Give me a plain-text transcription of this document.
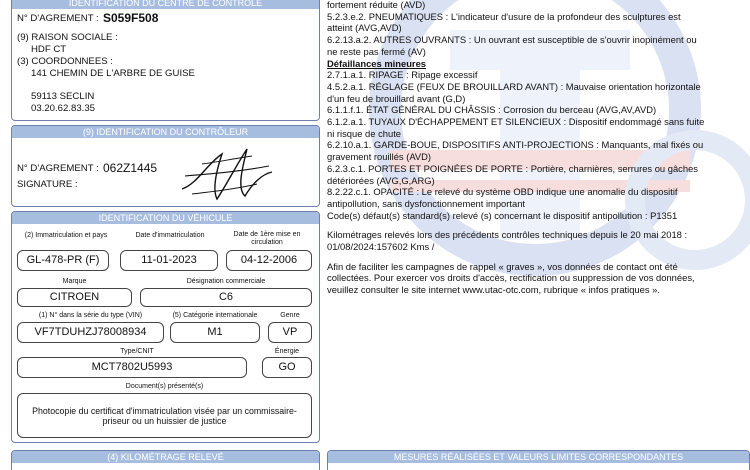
IDENTIFICATION DU CENTRE DE CONTROLE
N° D'AGREMENT : S059F508
(9) RAISON SOCIALE :
HDF CT
(3) COORDONNEES :
141 CHEMIN DE L'ARBRE DE GUISE
59113 SECLIN
03.20.62.83.35
(9) IDENTIFICATION DU CONTRÔLEUR
N° D'AGREMENT : 062Z1445
SIGNATURE :
IDENTIFICATION DU VÉHICULE
(2) Immatriculation et pays	Date d'immatriculation	Date de 1ère mise en circulation
GL-478-PR (F)	11-01-2023	04-12-2006
Marque	Désignation commerciale
CITROEN	C6
(1) N° dans la série du type (VIN)	(5) Catégorie internationale	Genre
VF7TDUHZJ78008934	M1	VP
Type/CNIT	Énergie
MCT7802U5993	GO
Document(s) présenté(s)
Photocopie du certificat d'immatriculation visée par un commissaire-priseur ou un huissier de justice
(4) KILOMÉTRAGE RELEVÉ
fortement réduite (AVD)
5.2.3.e.2. PNEUMATIQUES : L'indicateur d'usure de la profondeur des sculptures est
atteint (AVG,AVD)
6.2.13.a.2. AUTRES OUVRANTS : Un ouvrant est susceptible de s'ouvrir inopinément ou
ne reste pas fermé (AV)
Défaillances mineures
2.7.1.a.1. RIPAGE : Ripage excessif
4.5.2.a.1. RÉGLAGE (FEUX DE BROUILLARD AVANT) : Mauvaise orientation horizontale
d'un feu de brouillard avant (G,D)
6.1.1.f.1. ÉTAT GÉNÉRAL DU CHÂSSIS : Corrosion du berceau (AVG,AV,AVD)
6.1.2.a.1. TUYAUX D'ÉCHAPPEMENT ET SILENCIEUX : Dispositif endommagé sans fuite
ni risque de chute
6.2.10.a.1. GARDE-BOUE, DISPOSITIFS ANTI-PROJECTIONS : Manquants, mal fixés ou
gravement rouillés (AVD)
6.2.3.c.1. PORTES ET POIGNÉES DE PORTE : Portière, charnières, serrures ou gâches
détériorées (AVG,G,ARG)
8.2.22.c.1. OPACITÉ : Le relevé du système OBD indique une anomalie du dispositif
antipollution, sans dysfonctionnement important
Code(s) défaut(s) standard(s) relevé (s) concernant le dispositif antipollution : P1351
Kilométrages relevés lors des précédents contrôles techniques depuis le 20 mai 2018 :
01/08/2024:157602 Kms /
Afin de faciliter les campagnes de rappel « graves », vos données de contact ont été
collectées. Pour exercer vos droits d'accès, rectification ou suppression de vos données,
veuillez consulter le site internet www.utac-otc.com, rubrique « infos pratiques ».
MESURES RÉALISÉES ET VALEURS LIMITES CORRESPONDANTES
